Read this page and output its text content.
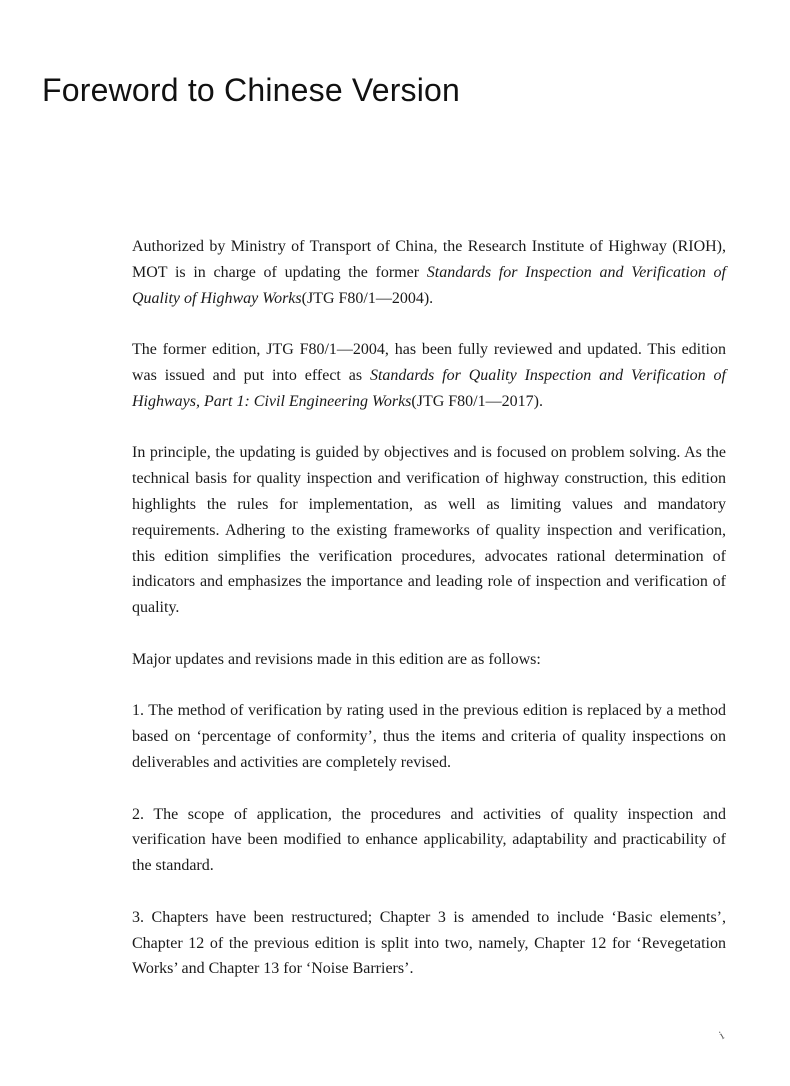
Foreword to Chinese Version

Authorized by Ministry of Transport of China, the Research Institute of Highway (RIOH), MOT is in charge of updating the former Standards for Inspection and Verification of Quality of Highway Works(JTG F80/1—2004).

The former edition, JTG F80/1—2004, has been fully reviewed and updated. This edition was issued and put into effect as Standards for Quality Inspection and Verification of Highways, Part 1: Civil Engineering Works(JTG F80/1—2017).

In principle, the updating is guided by objectives and is focused on problem solving. As the technical basis for quality inspection and verification of highway construction, this edition highlights the rules for implementation, as well as limiting values and mandatory requirements. Adhering to the existing frameworks of quality inspection and verification, this edition simplifies the verification procedures, advocates rational determination of indicators and emphasizes the importance and leading role of inspection and verification of quality.

Major updates and revisions made in this edition are as follows:

1. The method of verification by rating used in the previous edition is replaced by a method based on ‘percentage of conformity’, thus the items and criteria of quality inspections on deliverables and activities are completely revised.

2. The scope of application, the procedures and activities of quality inspection and verification have been modified to enhance applicability, adaptability and practicability of the standard.

3. Chapters have been restructured; Chapter 3 is amended to include ‘Basic elements’, Chapter 12 of the previous edition is split into two, namely, Chapter 12 for ‘Revegetation Works’ and Chapter 13 for ‘Noise Barriers’.

i
